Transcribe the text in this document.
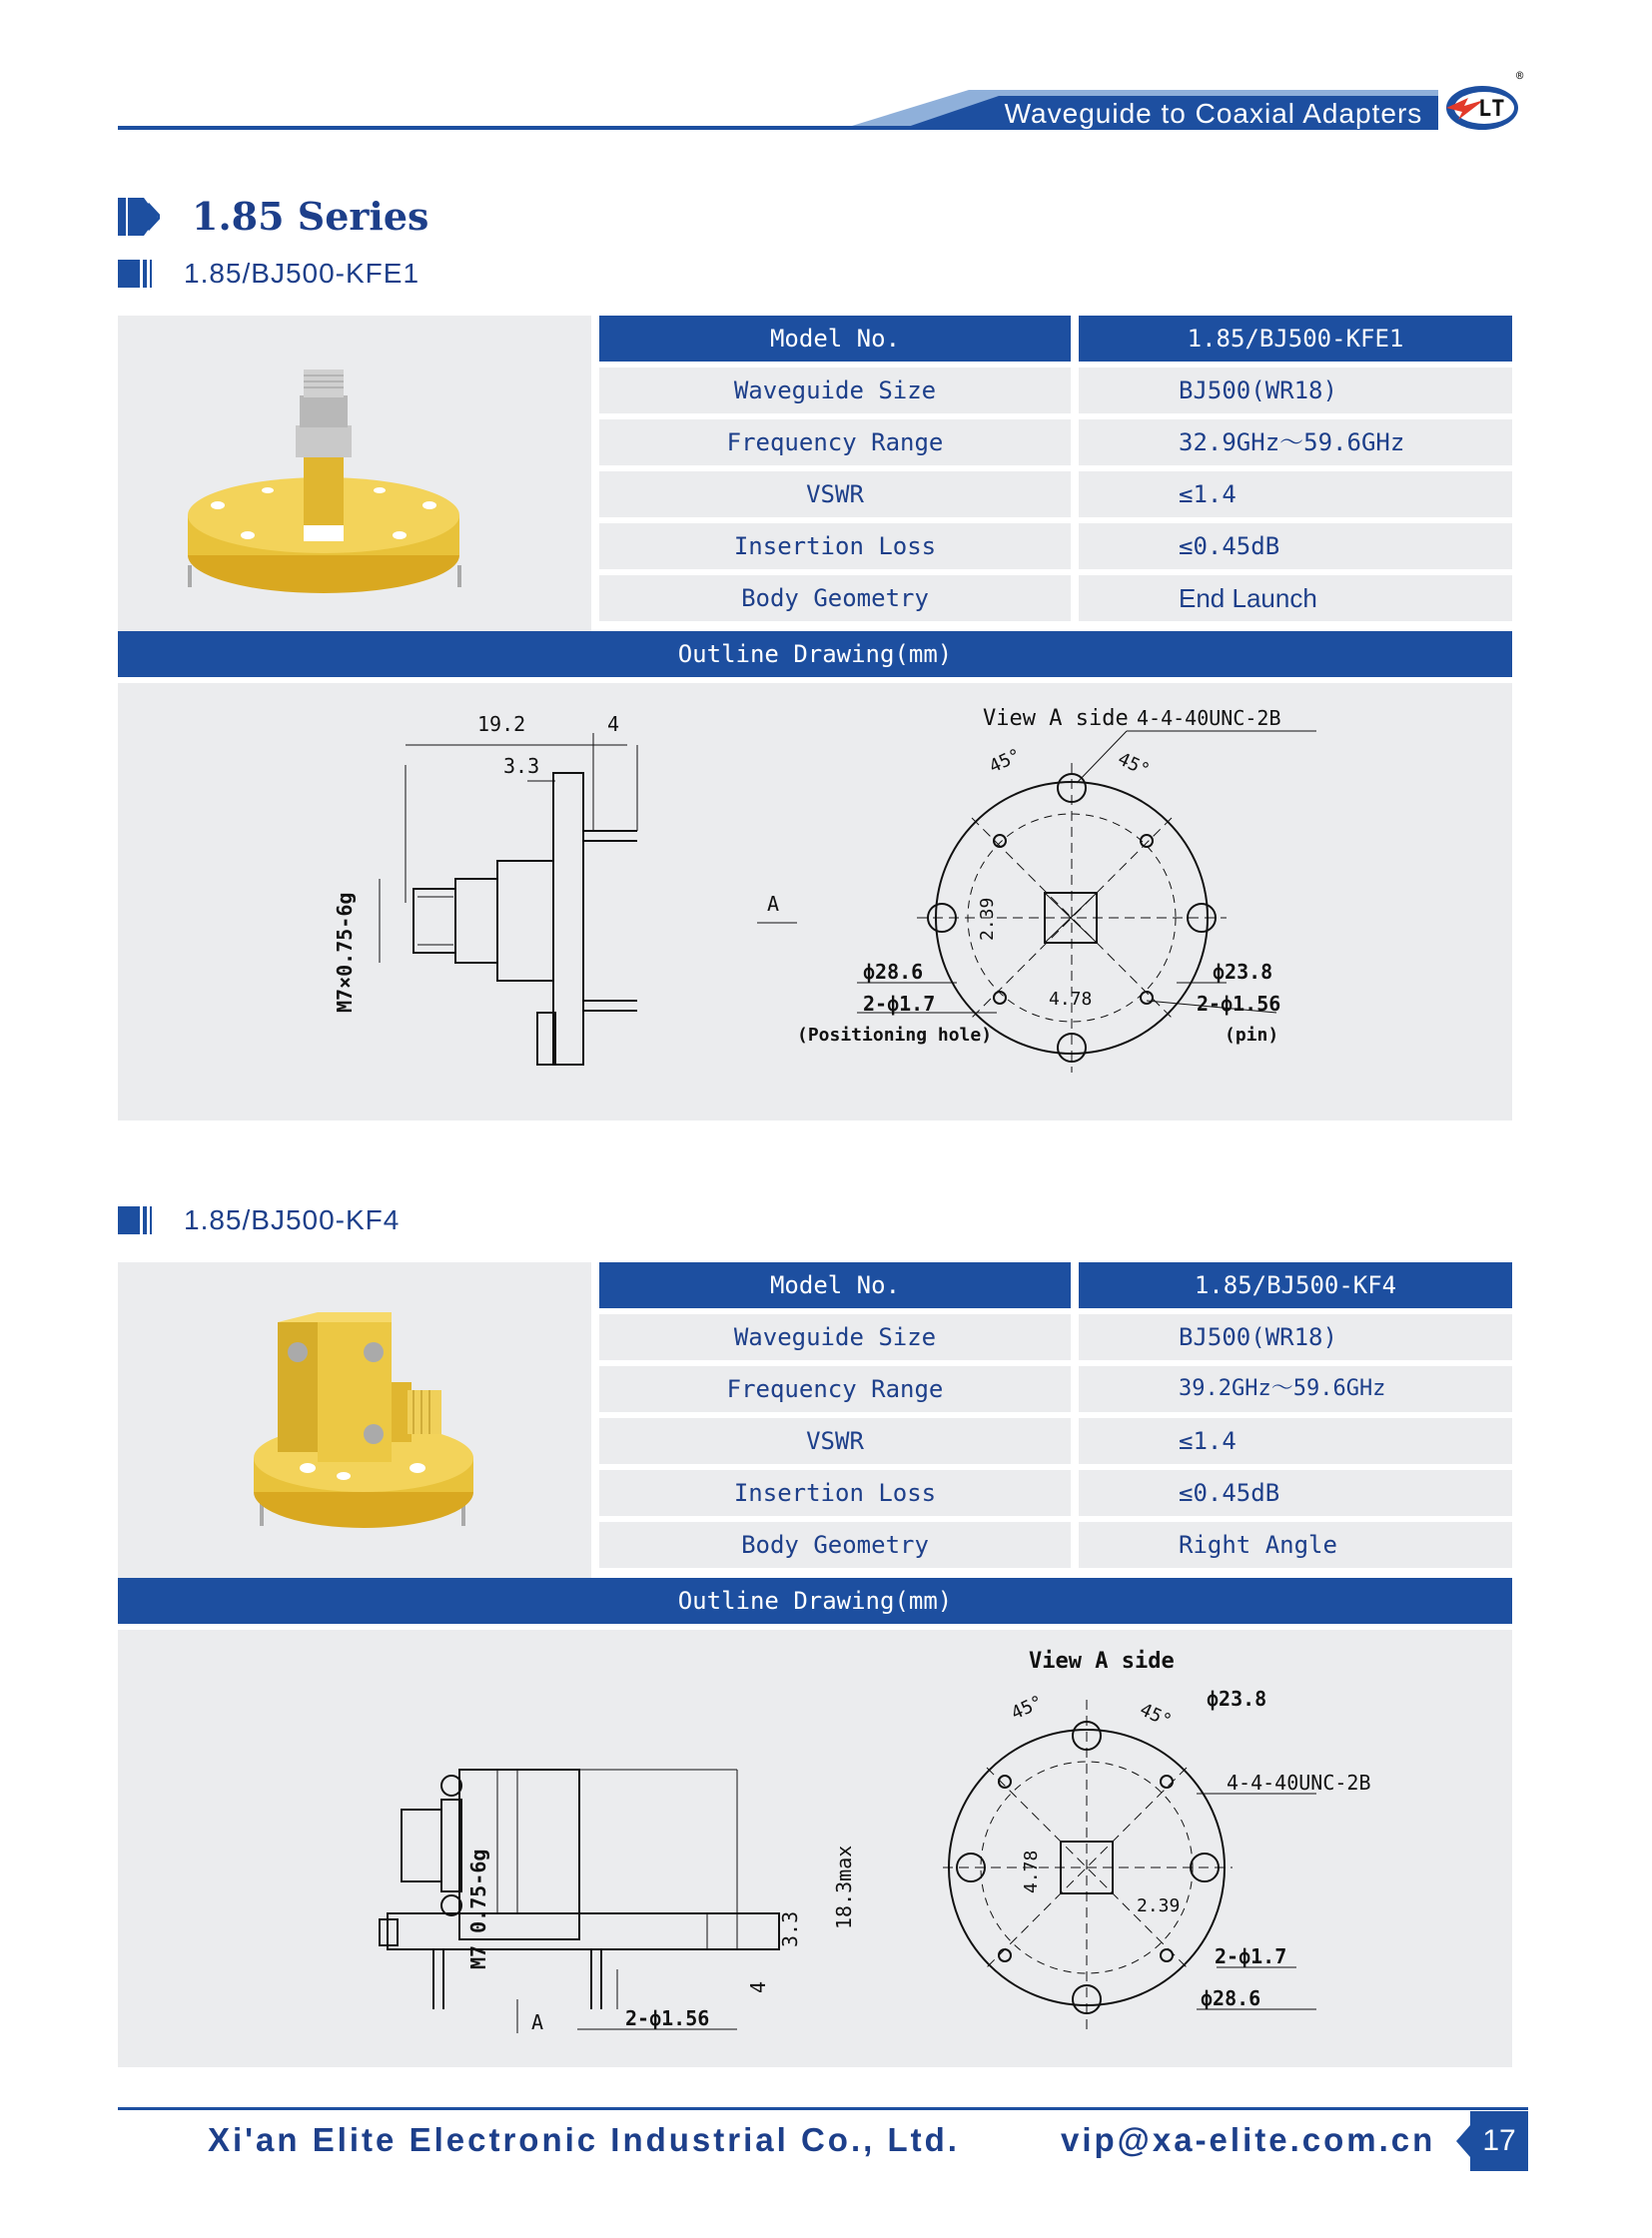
Waveguide to Coaxial Adapters	LT
®
1.85 Series
1.85/BJ500-KFE1
Model No.	1.85/BJ500-KFE1
Waveguide Size	BJ500(WR18)
Frequency Range	32.9GHz～59.6GHz
VSWR	≤1.4
Insertion Loss	≤0.45dB
Body Geometry	End Launch
Outline Drawing(mm)
19.2	4
3.3
M7×0.75-6g	A
View A side 4-4-40UNC-2B
45°	45°
2.39
4.78
ф28.6
2-ф1.7
(Positioning hole)
ф23.8
2-ф1.56
(pin)
1.85/BJ500-KF4
Model No.	1.85/BJ500-KF4
Waveguide Size	BJ500(WR18)
Frequency Range	39.2GHz～59.6GHz
VSWR	≤1.4
Insertion Loss	≤0.45dB
Body Geometry	Right Angle
Outline Drawing(mm)
M7 0.75-6g	3.3 18.3max
4
2-ф1.56
A
View A side
45°	45°
ф23.8
4-4-40UNC-2B
4.78
2.39
2-ф1.7
ф28.6
Xi'an Elite Electronic Industrial Co., Ltd.	vip@xa-elite.com.cn	17
